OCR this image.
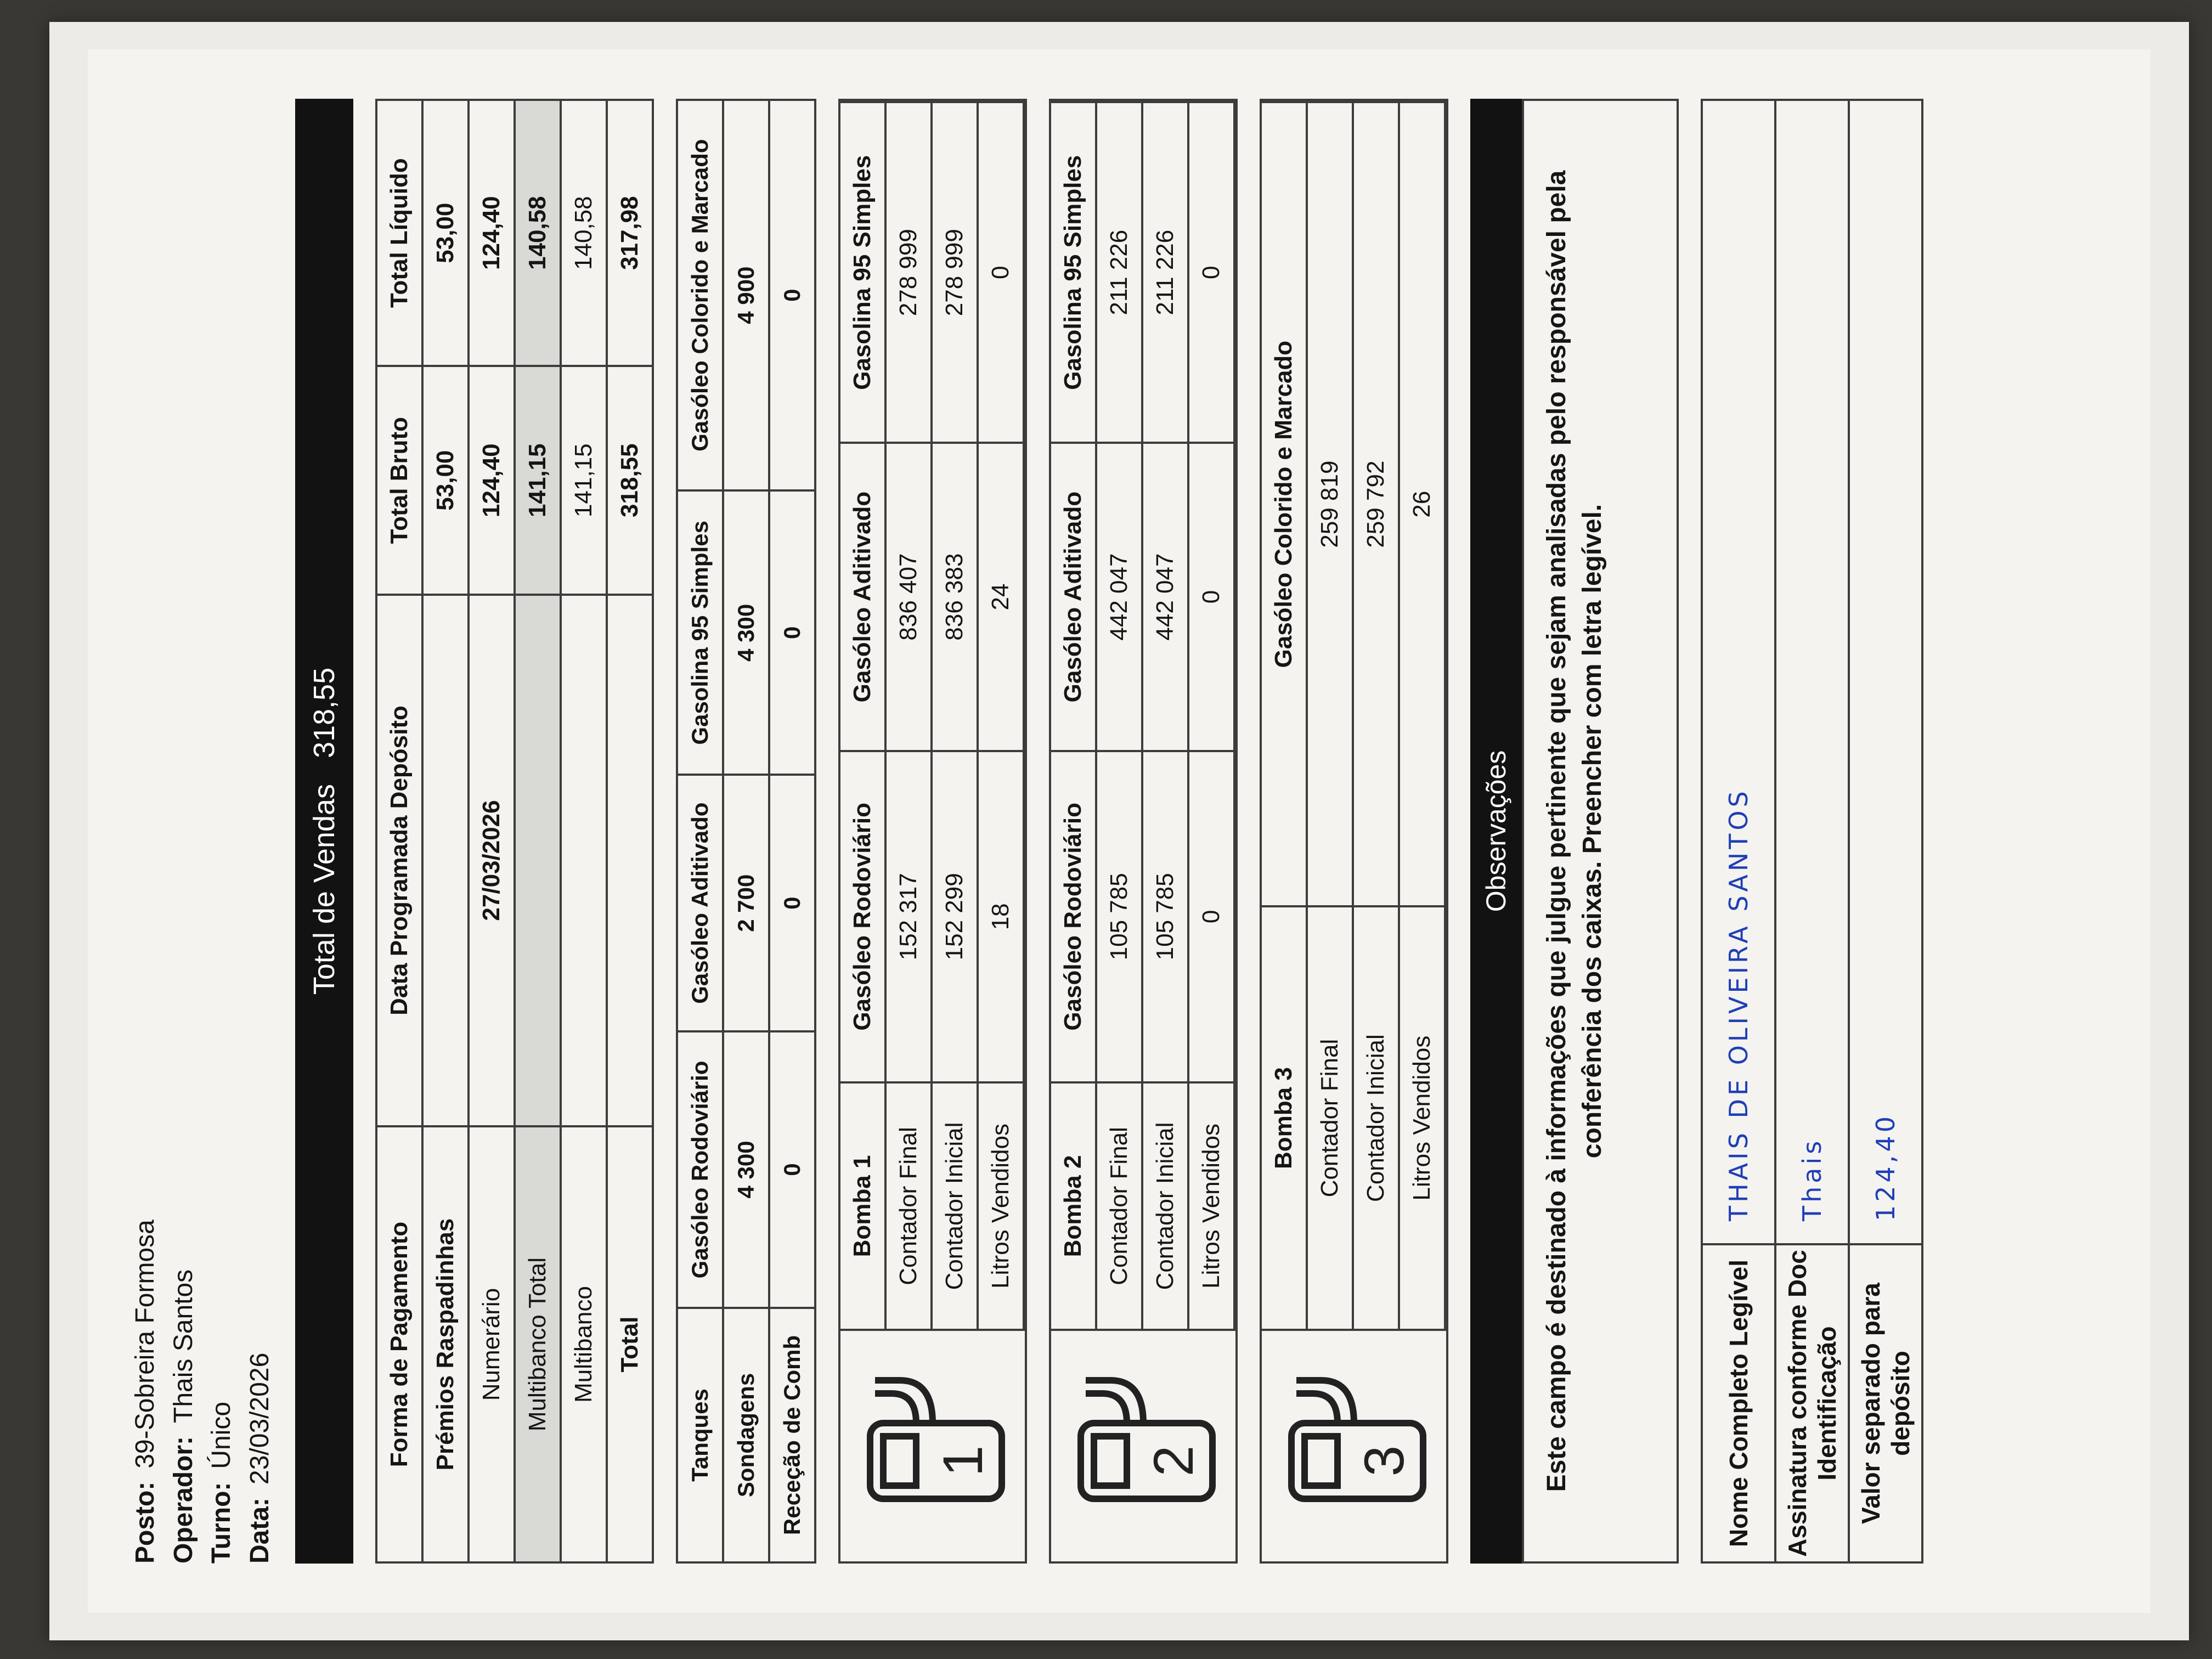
Posto:
39-Sobreira Formosa
Operador:
Thais Santos
Turno:
Único
Data:
23/03/2026
Total de Vendas 318,55
Forma de Pagamento	Data Programada Depósito	Total Bruto	Total Líquido
Prémios Raspadinhas		53,00	53,00
Numerário	27/03/2026	124,40	124,40
Multibanco Total		141,15	140,58
Multibanco		141,15	140,58
Total		318,55	317,98
Tanques	Gasóleo Rodoviário	Gasóleo Aditivado	Gasolina 95 Simples	Gasóleo Colorido e Marcado
Sondagens	4 300	2 700	4 300	4 900
Receção de Comb	0	0	0	0
1
Bomba 1	Gasóleo Rodoviário	Gasóleo Aditivado	Gasolina 95 Simples
Contador Final	152 317	836 407	278 999
Contador Inicial	152 299	836 383	278 999
Litros Vendidos	18	24	0
2
Bomba 2	Gasóleo Rodoviário	Gasóleo Aditivado	Gasolina 95 Simples
Contador Final	105 785	442 047	211 226
Contador Inicial	105 785	442 047	211 226
Litros Vendidos	0	0	0
3
Bomba 3	Gasóleo Colorido e Marcado
Contador Final	259 819
Contador Inicial	259 792
Litros Vendidos	26
Observações	Este campo é destinado à informações que julgue pertinente que sejam analisadas pelo responsável pela conferência dos caixas. Preencher com letra legível.
Nome Completo Legível	THAIS DE OLIVEIRA SANTOS
Assinatura conforme Doc Identificação	Thais
Valor separado para depósito	124,40
